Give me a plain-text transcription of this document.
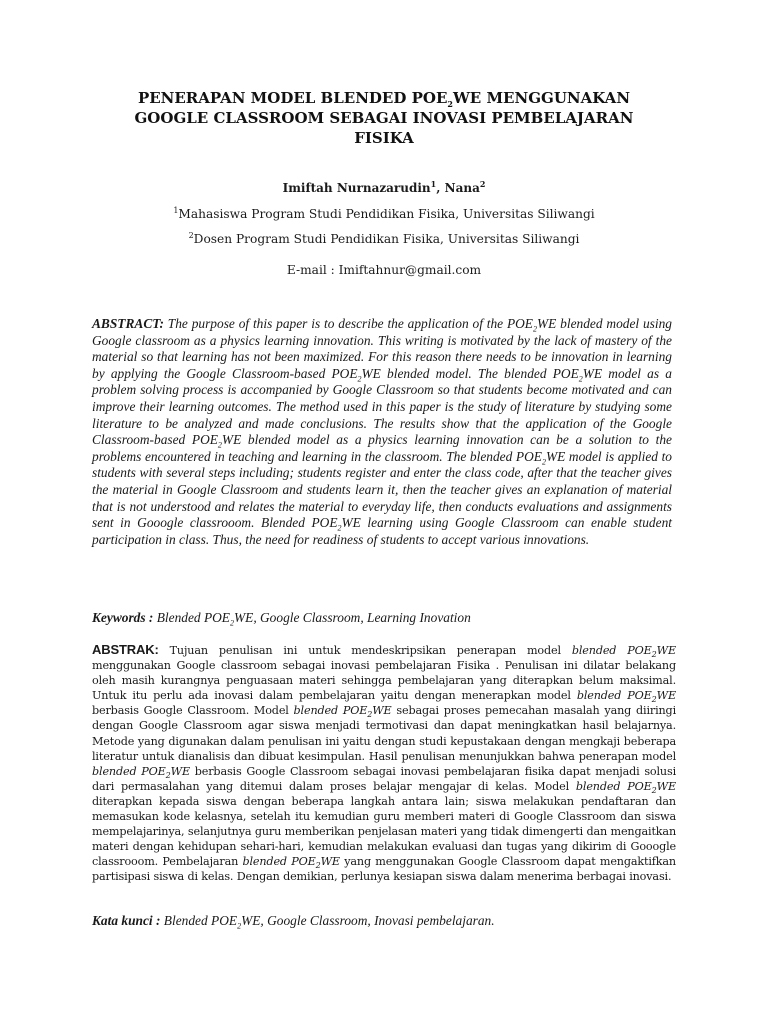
PENERAPAN MODEL BLENDED $POE_2WE$ MENGGUNAKAN
GOOGLE CLASSROOM SEBAGAI INOVASI PEMBELAJARAN
FISIKA
Imiftah Nurnazarudin$^1$, Nana$^2$
$^1$Mahasiswa Program Studi Pendidikan Fisika, Universitas Siliwangi
$^2$Dosen Program Studi Pendidikan Fisika, Universitas Siliwangi
E-mail : Imiftahnur@gmail.com
ABSTRACT: The purpose of this paper is to describe the application of the $POE_2WE$ blended model using Google classroom as a physics learning innovation. This writing is motivated by the lack of mastery of the material so that learning has not been maximized. For this reason there needs to be innovation in learning by applying the Google Classroom-based $POE_2WE$ blended model. The blended $POE_2WE$ model as a problem solving process is accompanied by Google Classroom so that students become motivated and can improve their learning outcomes. The method used in this paper is the study of literature by studying some literature to be analyzed and made conclusions. The results show that the application of the Google Classroom-based $POE_2WE$ blended model as a physics learning innovation can be a solution to the problems encountered in teaching and learning in the classroom. The blended $POE_2WE$ model is applied to students with several steps including; students register and enter the class code, after that the teacher gives the material in Google Classroom and students learn it, then the teacher gives an explanation of material that is not understood and relates the material to everyday life, then conducts evaluations and assignments sent in Gooogle classrooom. Blended $POE_2WE$ learning using Google Classroom can enable student participation in class. Thus, the need for readiness of students to accept various innovations.
Keywords : Blended $POE_2WE$, Google Classroom, Learning Inovation
ABSTRAK: Tujuan penulisan ini untuk mendeskripsikan penerapan model blended $POE_2WE$ menggunakan Google classroom sebagai inovasi pembelajaran Fisika . Penulisan ini dilatar belakang oleh masih kurangnya penguasaan materi sehingga pembelajaran yang diterapkan belum maksimal. Untuk itu perlu ada inovasi dalam pembelajaran yaitu dengan menerapkan model blended $POE_2WE$ berbasis Google Classroom. Model blended $POE_2WE$ sebagai proses pemecahan masalah yang diiringi dengan Google Classroom agar siswa menjadi termotivasi dan dapat meningkatkan hasil belajarnya. Metode yang digunakan dalam penulisan ini yaitu dengan studi kepustakaan dengan mengkaji beberapa literatur untuk dianalisis dan dibuat kesimpulan. Hasil penulisan menunjukkan bahwa penerapan model blended $POE_2WE$ berbasis Google Classroom sebagai inovasi pembelajaran fisika dapat menjadi solusi dari permasalahan yang ditemui dalam proses belajar mengajar di kelas. Model blended $POE_2WE$ diterapkan kepada siswa dengan beberapa langkah antara lain; siswa melakukan pendaftaran dan memasukan kode kelasnya, setelah itu kemudian guru memberi materi di Google Classroom dan siswa mempelajarinya, selanjutnya guru memberikan penjelasan materi yang tidak dimengerti dan mengaitkan materi dengan kehidupan sehari-hari, kemudian melakukan evaluasi dan tugas yang dikirim di Gooogle classrooom. Pembelajaran blended $POE_2WE$ yang menggunakan Google Classroom dapat mengaktifkan partisipasi siswa di kelas. Dengan demikian, perlunya kesiapan siswa dalam menerima berbagai inovasi.
Kata kunci : Blended $POE_2WE$, Google Classroom, Inovasi pembelajaran.
